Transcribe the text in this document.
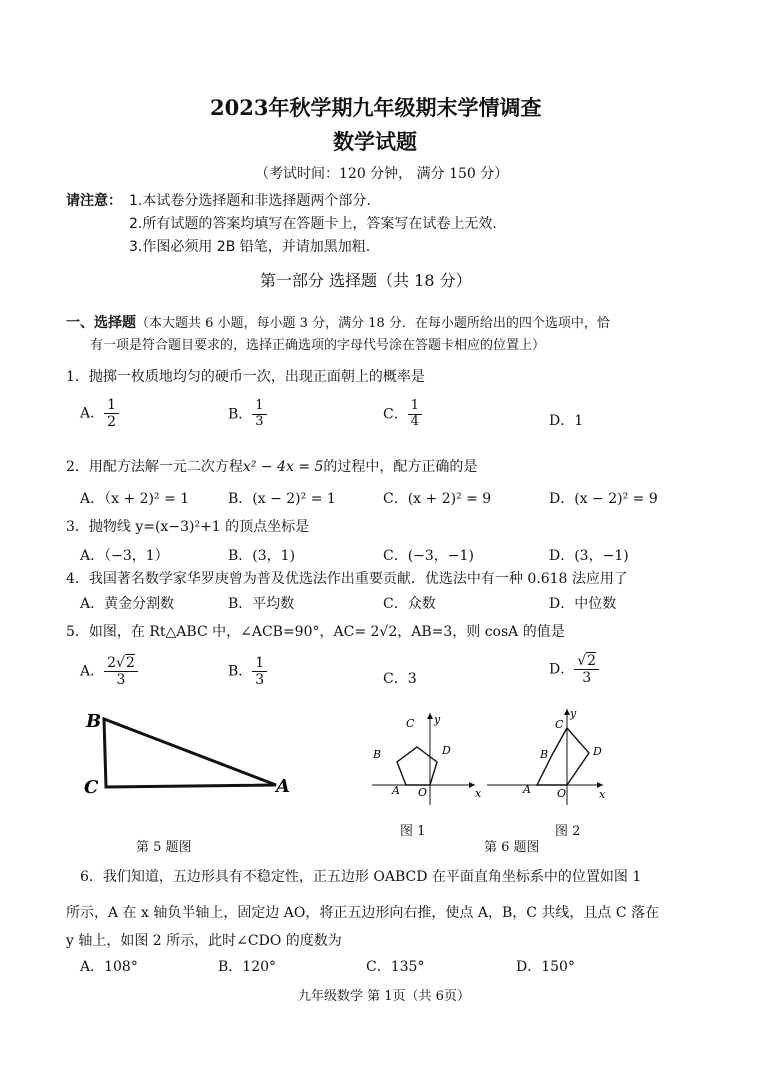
2023年秋学期九年级期末学情调查
数学试题
（考试时间：120 分钟， 满分 150 分）
请注意： 1.本试卷分选择题和非选择题两个部分.
2.所有试题的答案均填写在答题卡上，答案写在试卷上无效.
3.作图必须用 2B 铅笔，并请加黑加粗.
第一部分 选择题（共 18 分）
一、选择题（本大题共 6 小题，每小题 3 分，满分 18 分．在每小题所给出的四个选项中，恰
有一项是符合题目要求的，选择正确选项的字母代号涂在答题卡相应的位置上）
1．抛掷一枚质地均匀的硬币一次，出现正面朝上的概率是
A． $\frac{1}{2}$	B． $\frac{1}{3}$	C． $\frac{1}{4}$	D．1
2．用配方法解一元二次方程x² − 4x = 5的过程中，配方正确的是
A．（x + 2)² = 1	B．(x − 2)² = 1	C．(x + 2)² = 9	D．(x − 2)² = 9
3．抛物线 y=(x−3)²+1 的顶点坐标是
A．（−3，1）	B．(3，1)	C．(−3，−1)	D．(3，−1)
4．我国著名数学家华罗庚曾为普及优选法作出重要贡献．优选法中有一种 0.618 法应用了
A．黄金分割数	B．平均数	C．众数	D．中位数
5．如图，在 Rt△ABC 中，∠ACB=90°，AC= 2√2，AB=3，则 cosA 的值是
A． $\frac{2√2}{3}$	B． $\frac{1}{3}$	C．3
D． $\frac{√2}{3}$
B
C	A
第 5 题图
C y
B	D
A O	x
图 1
C
y
B	D
A O	x
图 2
第 6 题图
6．我们知道，五边形具有不稳定性，正五边形 OABCD 在平面直角坐标系中的位置如图 1
所示，A 在 x 轴负半轴上，固定边 AO，将正五边形向右推，使点 A，B，C 共线，且点 C 落在
y 轴上，如图 2 所示，此时∠CDO 的度数为
A．108°	B．120°	C．135°	D．150°
九年级数学 第 1页（共 6页）
